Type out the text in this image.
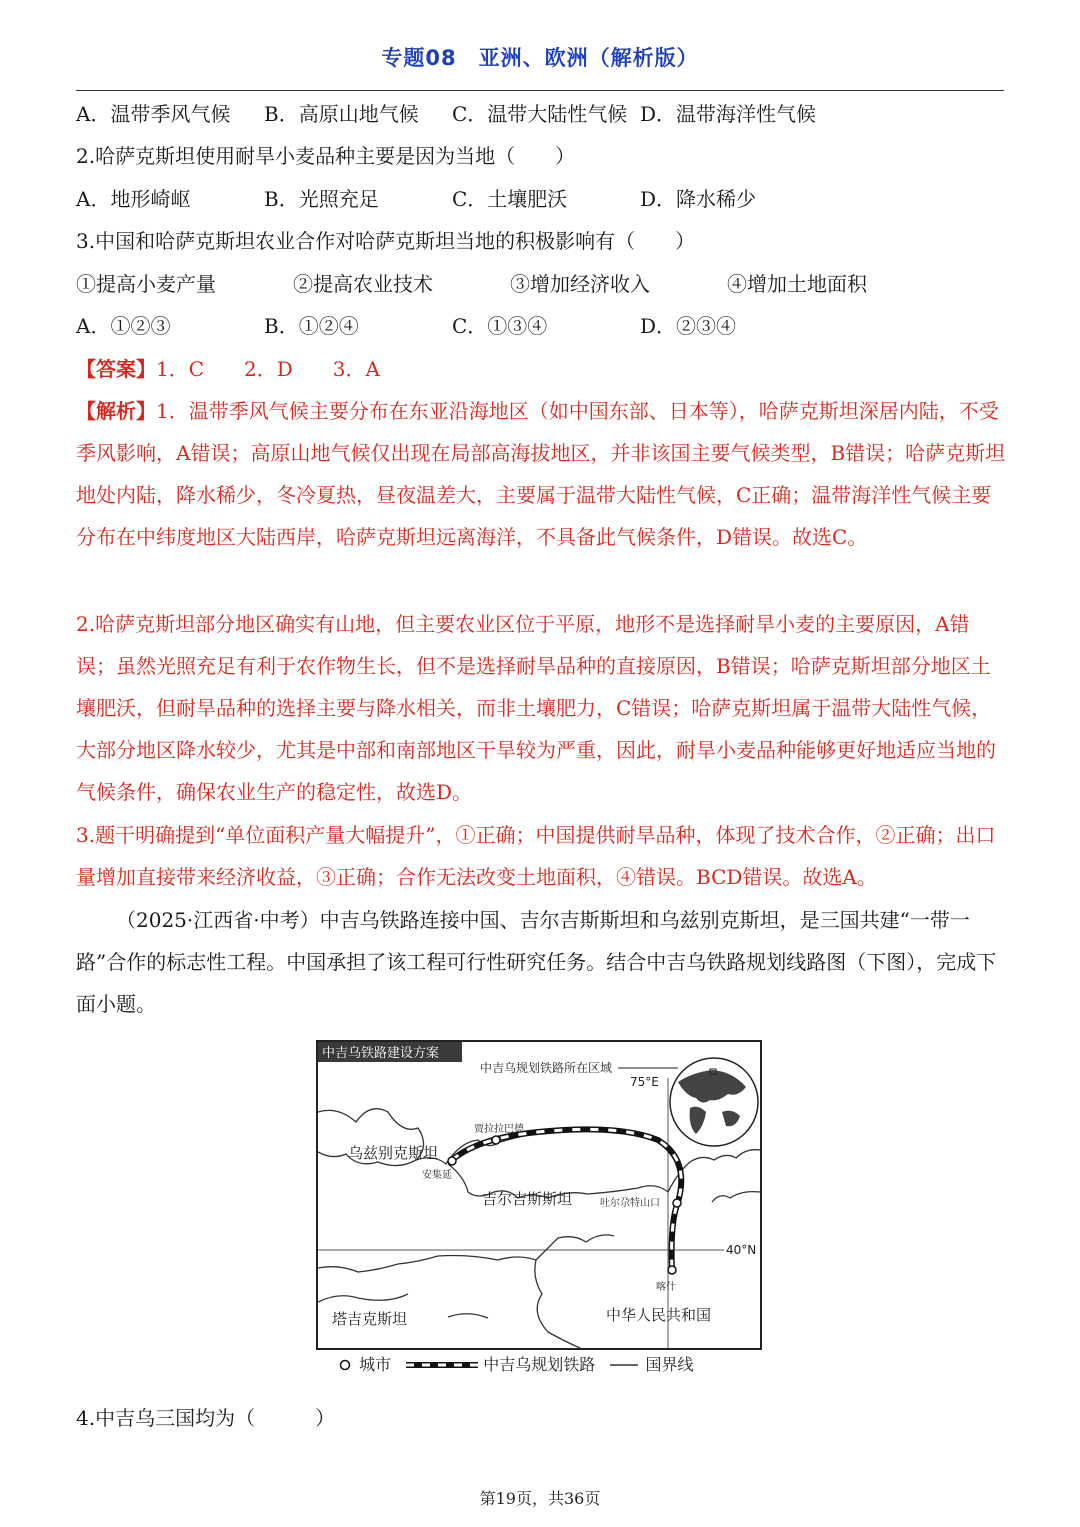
专题08　亚洲、欧洲（解析版）
A．温带季风气候 B．高原山地气候 C．温带大陆性气候 D．温带海洋性气候
2.哈萨克斯坦使用耐旱小麦品种主要是因为当地（　　）
A．地形崎岖	B．光照充足	C．土壤肥沃	D．降水稀少
3.中国和哈萨克斯坦农业合作对哈萨克斯坦当地的积极影响有（　　）
①提高小麦产量	②提高农业技术	③增加经济收入	④增加土地面积
A．①②③	B．①②④	C．①③④	D．②③④
【答案】1．C　　2．D　　3．A
【解析】1．温带季风气候主要分布在东亚沿海地区（如中国东部、日本等），哈萨克斯坦深居内陆，不受季风影响，A错误；高原山地气候仅出现在局部高海拔地区，并非该国主要气候类型，B错误；哈萨克斯坦地处内陆，降水稀少，冬冷夏热，昼夜温差大，主要属于温带大陆性气候，C正确；温带海洋性气候主要分布在中纬度地区大陆西岸，哈萨克斯坦远离海洋，不具备此气候条件，D错误。故选C。
2.哈萨克斯坦部分地区确实有山地，但主要农业区位于平原，地形不是选择耐旱小麦的主要原因，A错误；虽然光照充足有利于农作物生长，但不是选择耐旱品种的直接原因，B错误；哈萨克斯坦部分地区土壤肥沃，但耐旱品种的选择主要与降水相关，而非土壤肥力，C错误；哈萨克斯坦属于温带大陆性气候，大部分地区降水较少，尤其是中部和南部地区干旱较为严重，因此，耐旱小麦品种能够更好地适应当地的气候条件，确保农业生产的稳定性，故选D。
3.题干明确提到“单位面积产量大幅提升”，①正确；中国提供耐旱品种，体现了技术合作，②正确；出口量增加直接带来经济收益，③正确；合作无法改变土地面积，④错误。BCD错误。故选A。
（2025·江西省·中考）中吉乌铁路连接中国、吉尔吉斯斯坦和乌兹别克斯坦，是三国共建“一带一路”合作的标志性工程。中国承担了该工程可行性研究任务。结合中吉乌铁路规划线路图（下图），完成下面小题。
中吉乌铁路建设方案
中吉乌规划铁路所在区域
75°E
40°N
贾拉拉巴德
安集延
吐尔尕特山口
喀什
乌兹别克斯坦
吉尔吉斯斯坦
塔吉克斯坦	中华人民共和国
城市	中吉乌规划铁路	国界线
4.中吉乌三国均为（　　　）
第19页，共36页
